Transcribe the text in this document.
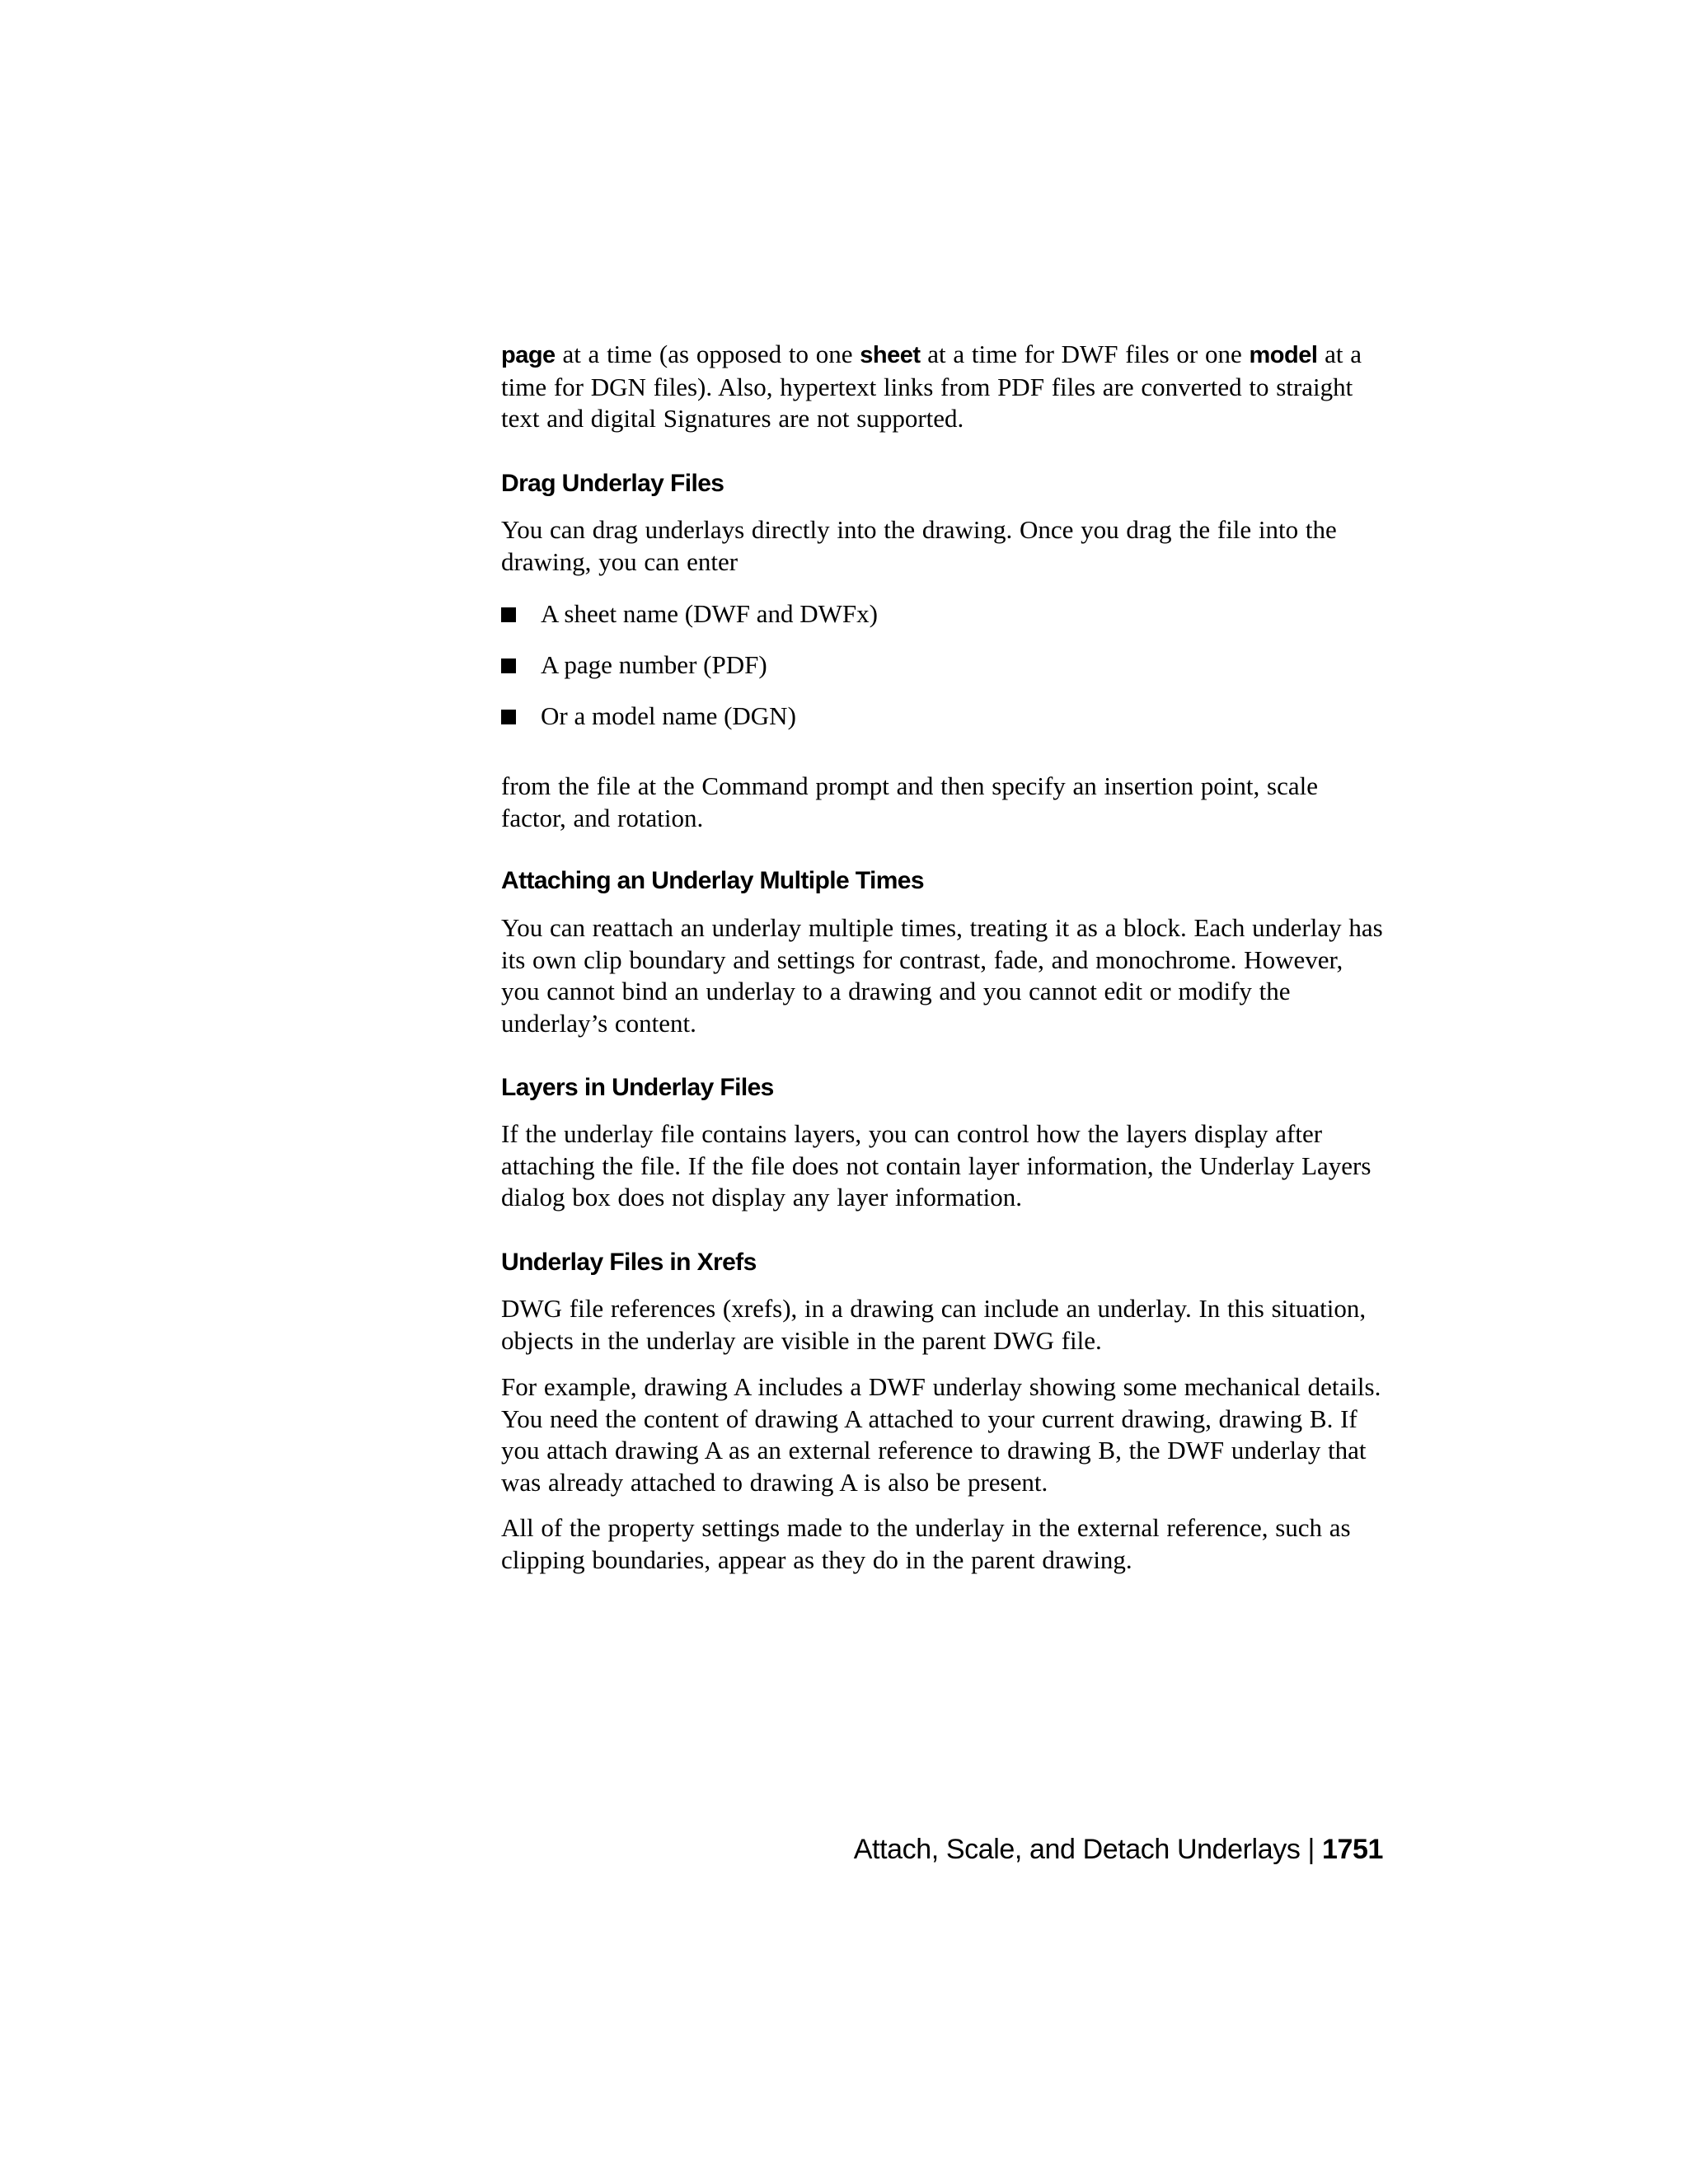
page at a time (as opposed to one sheet at a time for DWF files or one model at a time for DGN files). Also, hypertext links from PDF files are converted to straight text and digital Signatures are not supported.

Drag Underlay Files

You can drag underlays directly into the drawing. Once you drag the file into the drawing, you can enter

A sheet name (DWF and DWFx)
A page number (PDF)
Or a model name (DGN)

from the file at the Command prompt and then specify an insertion point, scale factor, and rotation.

Attaching an Underlay Multiple Times

You can reattach an underlay multiple times, treating it as a block. Each underlay has its own clip boundary and settings for contrast, fade, and monochrome. However, you cannot bind an underlay to a drawing and you cannot edit or modify the underlay’s content.

Layers in Underlay Files

If the underlay file contains layers, you can control how the layers display after attaching the file. If the file does not contain layer information, the Underlay Layers dialog box does not display any layer information.

Underlay Files in Xrefs

DWG file references (xrefs), in a drawing can include an underlay. In this situation, objects in the underlay are visible in the parent DWG file.

For example, drawing A includes a DWF underlay showing some mechanical details. You need the content of drawing A attached to your current drawing, drawing B. If you attach drawing A as an external reference to drawing B, the DWF underlay that was already attached to drawing A is also be present.

All of the property settings made to the underlay in the external reference, such as clipping boundaries, appear as they do in the parent drawing.

Attach, Scale, and Detach Underlays | 1751
